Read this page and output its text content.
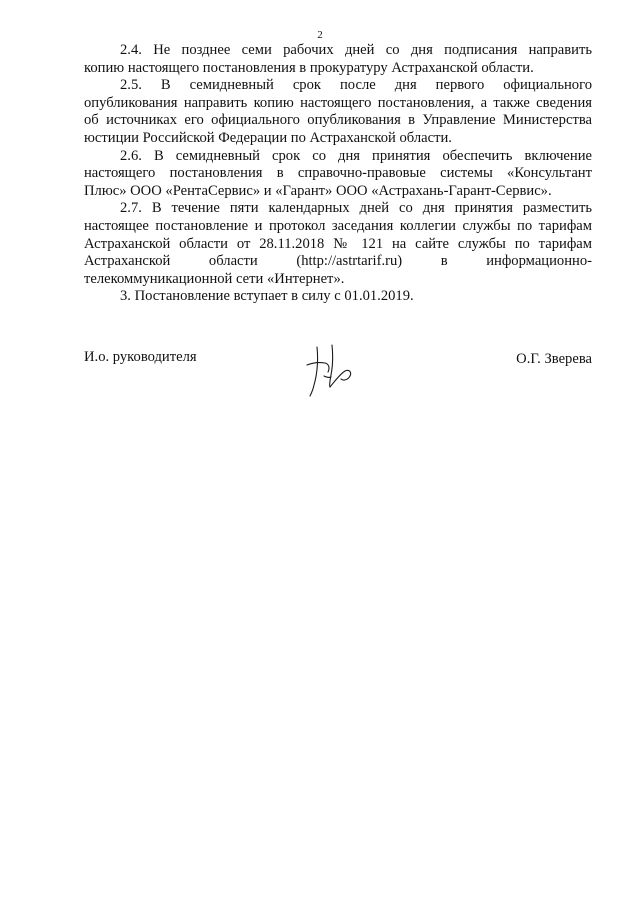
2
2.4. Не позднее семи рабочих дней со дня подписания направить
копию настоящего постановления в прокуратуру Астраханской области.
2.5. В семидневный срок после дня первого официального
опубликования направить копию настоящего постановления, а также сведения
об источниках его официального опубликования в Управление Министерства
юстиции Российской Федерации по Астраханской области.
2.6. В семидневный срок со дня принятия обеспечить включение
настоящего постановления в справочно-правовые системы «Консультант
Плюс» ООО «РентаСервис» и «Гарант» ООО «Астрахань-Гарант-Сервис».
2.7. В течение пяти календарных дней со дня принятия разместить
настоящее постановление и протокол заседания коллегии службы по тарифам
Астраханской области от 28.11.2018 № 121 на сайте службы по тарифам
Астраханской области (http://astrtarif.ru) в информационно-
телекоммуникационной сети «Интернет».
3. Постановление вступает в силу с 01.01.2019.
И.о. руководителя	О.Г. Зверева
